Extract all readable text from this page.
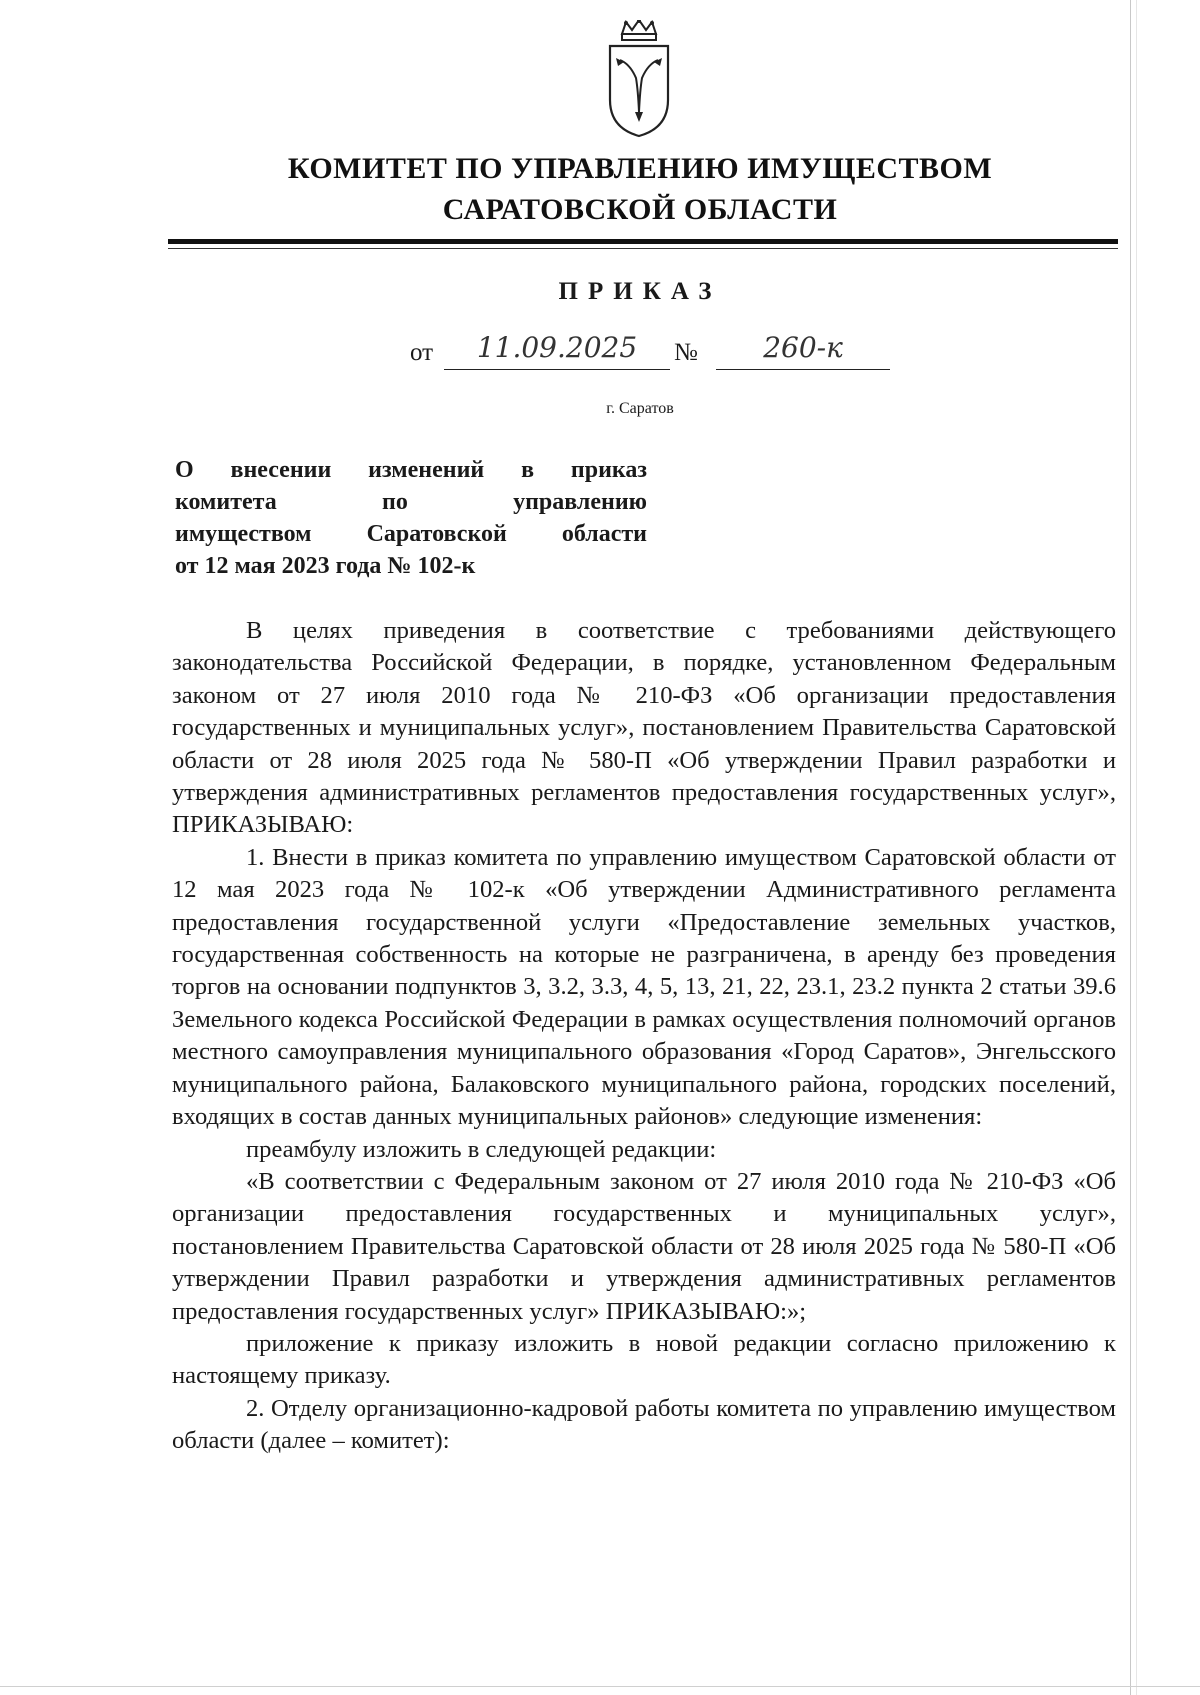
КОМИТЕТ ПО УПРАВЛЕНИЮ ИМУЩЕСТВОМ

САРАТОВСКОЙ ОБЛАСТИ

ПРИКАЗ

от	11.09.2025	№	260-к

г. Саратов

О внесении изменений в приказ
комитета по управлению
имуществом Саратовской области
от 12 мая 2023 года № 102-к

В целях приведения в соответствие с требованиями действующего законодательства Российской Федерации, в порядке, установленном Федеральным законом от 27 июля 2010 года № 210-ФЗ «Об организации предоставления государственных и муниципальных услуг», постановлением Правительства Саратовской области от 28 июля 2025 года № 580-П «Об утверждении Правил разработки и утверждения административных регламентов предоставления государственных услуг», ПРИКАЗЫВАЮ:

1. Внести в приказ комитета по управлению имуществом Саратовской области от 12 мая 2023 года № 102-к «Об утверждении Административного регламента предоставления государственной услуги «Предоставление земельных участков, государственная собственность на которые не разграничена, в аренду без проведения торгов на основании подпунктов 3, 3.2, 3.3, 4, 5, 13, 21, 22, 23.1, 23.2 пункта 2 статьи 39.6 Земельного кодекса Российской Федерации в рамках осуществления полномочий органов местного самоуправления муниципального образования «Город Саратов», Энгельсского муниципального района, Балаковского муниципального района, городских поселений, входящих в состав данных муниципальных районов» следующие изменения:

преамбулу изложить в следующей редакции:

«В соответствии с Федеральным законом от 27 июля 2010 года № 210-ФЗ «Об организации предоставления государственных и муниципальных услуг», постановлением Правительства Саратовской области от 28 июля 2025 года № 580-П «Об утверждении Правил разработки и утверждения административных регламентов предоставления государственных услуг» ПРИКАЗЫВАЮ:»;

приложение к приказу изложить в новой редакции согласно приложению к настоящему приказу.

2. Отделу организационно-кадровой работы комитета по управлению имуществом области (далее – комитет):
